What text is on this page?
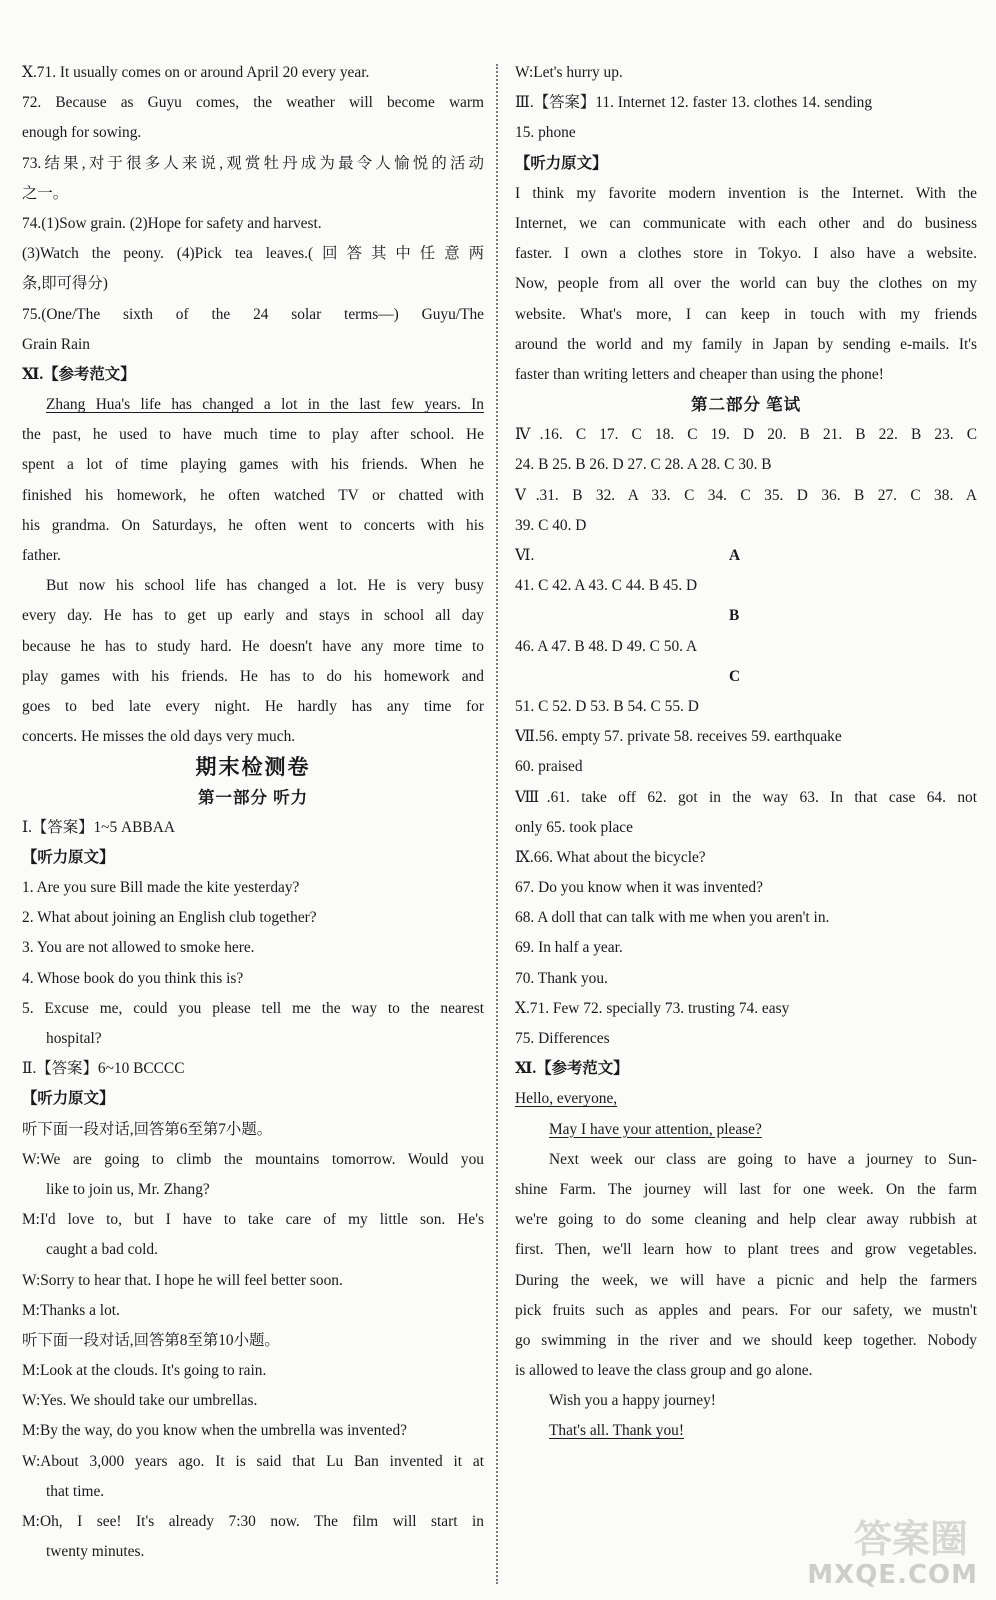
Ⅹ.71. It usually comes on or around April 20 every year.
72. Because as Guyu comes, the weather will become warm
enough for sowing.
73.结果,对于很多人来说,观赏牡丹成为最令人愉悦的活动
之一。
74.(1)Sow grain. (2)Hope for safety and harvest.
(3)Watch the peony. (4)Pick tea leaves.(回答其中任意两
条,即可得分)
75.(One/The sixth of the 24 solar terms—) Guyu/The
Grain Rain
Ⅺ.【参考范文】
Zhang Hua's life has changed a lot in the last few years. In
the past, he used to have much time to play after school. He
spent a lot of time playing games with his friends. When he
finished his homework, he often watched TV or chatted with
his grandma. On Saturdays, he often went to concerts with his
father.
But now his school life has changed a lot. He is very busy
every day. He has to get up early and stays in school all day
because he has to study hard. He doesn't have any more time to
play games with his friends. He has to do his homework and
goes to bed late every night. He hardly has any time for
concerts. He misses the old days very much.
期末检测卷
第一部分 听力
Ⅰ.【答案】1~5 ABBAA
【听力原文】
1. Are you sure Bill made the kite yesterday?
2. What about joining an English club together?
3. You are not allowed to smoke here.
4. Whose book do you think this is?
5. Excuse me, could you please tell me the way to the nearest
hospital?
Ⅱ.【答案】6~10 BCCCC
【听力原文】
听下面一段对话,回答第6至第7小题。
W:We are going to climb the mountains tomorrow. Would you
like to join us, Mr. Zhang?
M:I'd love to, but I have to take care of my little son. He's
caught a bad cold.
W:Sorry to hear that. I hope he will feel better soon.
M:Thanks a lot.
听下面一段对话,回答第8至第10小题。
M:Look at the clouds. It's going to rain.
W:Yes. We should take our umbrellas.
M:By the way, do you know when the umbrella was invented?
W:About 3,000 years ago. It is said that Lu Ban invented it at
that time.
M:Oh, I see! It's already 7:30 now. The film will start in
twenty minutes.
W:Let's hurry up.
Ⅲ.【答案】11. Internet 12. faster 13. clothes 14. sending
15. phone
【听力原文】
I think my favorite modern invention is the Internet. With the
Internet, we can communicate with each other and do business
faster. I own a clothes store in Tokyo. I also have a website.
Now, people from all over the world can buy the clothes on my
website. What's more, I can keep in touch with my friends
around the world and my family in Japan by sending e-mails. It's
faster than writing letters and cheaper than using the phone!
第二部分 笔试
Ⅳ.16. C 17. C 18. C 19. D 20. B 21. B 22. B 23. C
24. B 25. B 26. D 27. C 28. A 28. C 30. B
Ⅴ.31. B 32. A 33. C 34. C 35. D 36. B 27. C 38. A
39. C 40. D
Ⅵ.	A
41. C 42. A 43. C 44. B 45. D
B
46. A 47. B 48. D 49. C 50. A
C
51. C 52. D 53. B 54. C 55. D
Ⅶ.56. empty 57. private 58. receives 59. earthquake
60. praised
Ⅷ.61. take off 62. got in the way 63. In that case 64. not
only 65. took place
Ⅸ.66. What about the bicycle?
67. Do you know when it was invented?
68. A doll that can talk with me when you aren't in.
69. In half a year.
70. Thank you.
Ⅹ.71. Few 72. specially 73. trusting 74. easy
75. Differences
Ⅺ.【参考范文】
Hello, everyone,
May I have your attention, please?
Next week our class are going to have a journey to Sun-
shine Farm. The journey will last for one week. On the farm
we're going to do some cleaning and help clear away rubbish at
first. Then, we'll learn how to plant trees and grow vegetables.
During the week, we will have a picnic and help the farmers
pick fruits such as apples and pears. For our safety, we mustn't
go swimming in the river and we should keep together. Nobody
is allowed to leave the class group and go alone.
Wish you a happy journey!
That's all. Thank you!
答案圈
MXQE.COM
